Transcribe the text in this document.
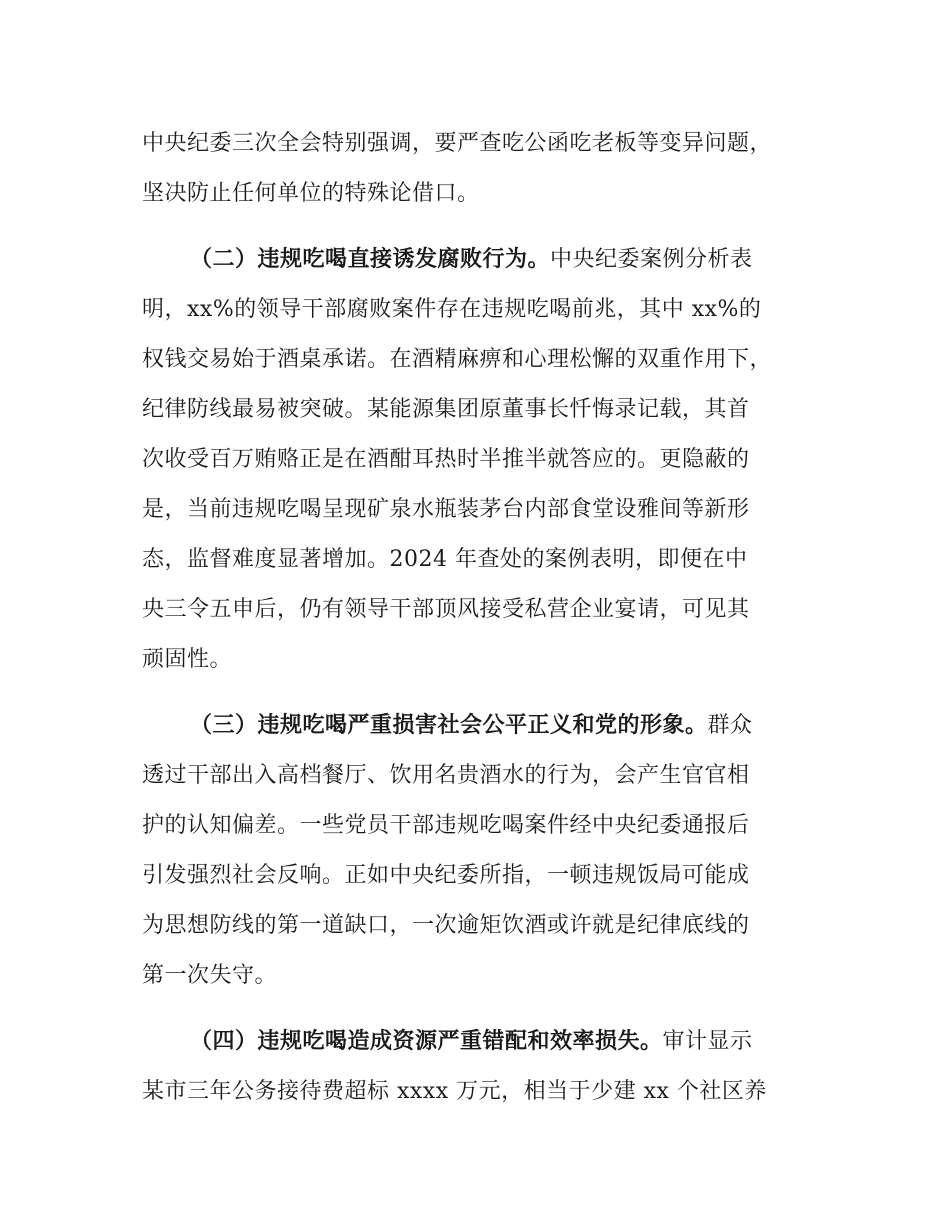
中央纪委三次全会特别强调，要严查吃公函吃老板等变异问题，
坚决防止任何单位的特殊论借口。
（二）违规吃喝直接诱发腐败行为。中央纪委案例分析表
明，xx%的领导干部腐败案件存在违规吃喝前兆，其中 xx%的
权钱交易始于酒桌承诺。在酒精麻痹和心理松懈的双重作用下，
纪律防线最易被突破。某能源集团原董事长忏悔录记载，其首
次收受百万贿赂正是在酒酣耳热时半推半就答应的。更隐蔽的
是，当前违规吃喝呈现矿泉水瓶装茅台内部食堂设雅间等新形
态，监督难度显著增加。2024 年查处的案例表明，即便在中
央三令五申后，仍有领导干部顶风接受私营企业宴请，可见其
顽固性。
（三）违规吃喝严重损害社会公平正义和党的形象。群众
透过干部出入高档餐厅、饮用名贵酒水的行为，会产生官官相
护的认知偏差。一些党员干部违规吃喝案件经中央纪委通报后
引发强烈社会反响。正如中央纪委所指，一顿违规饭局可能成
为思想防线的第一道缺口，一次逾矩饮酒或许就是纪律底线的
第一次失守。
（四）违规吃喝造成资源严重错配和效率损失。审计显示
某市三年公务接待费超标 xxxx 万元，相当于少建 xx 个社区养
